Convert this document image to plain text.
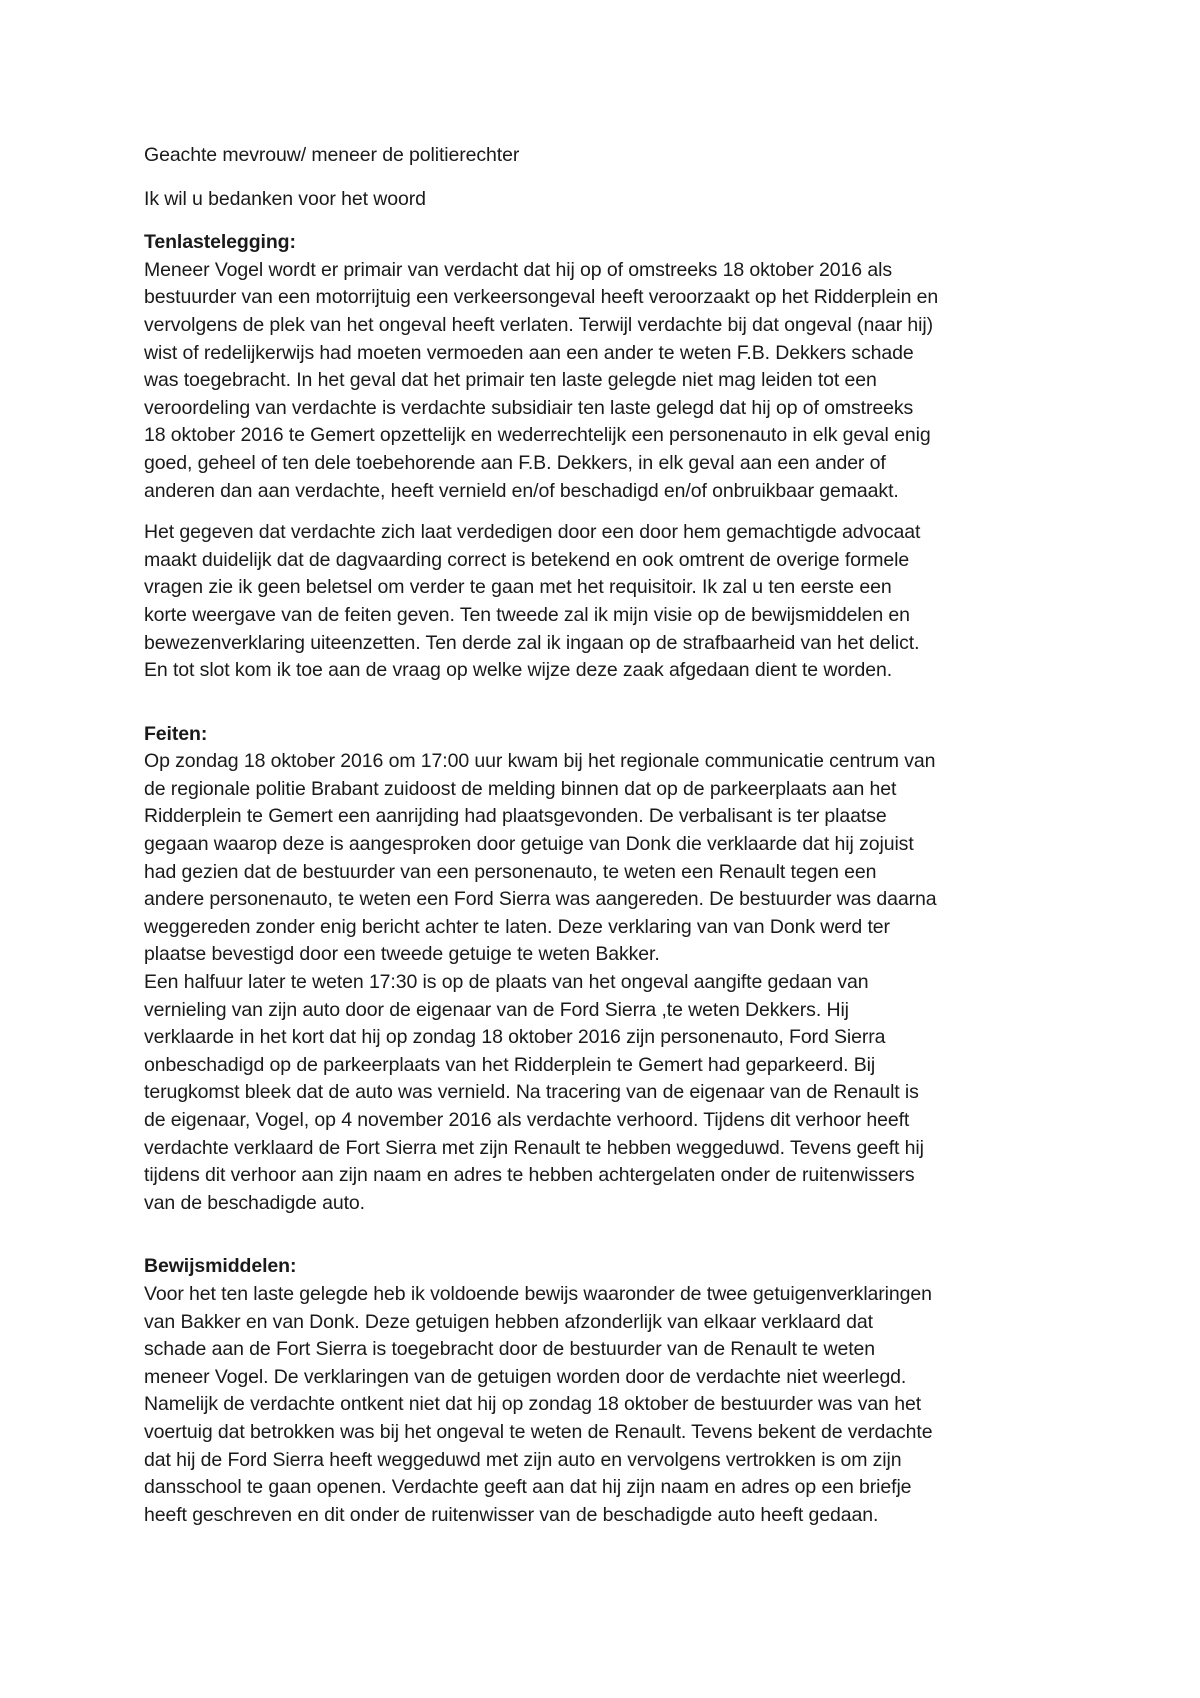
Geachte mevrouw/ meneer de politierechter

Ik wil u bedanken voor het woord

Tenlastelegging:
Meneer Vogel wordt er primair van verdacht dat hij op of omstreeks 18 oktober 2016 als
bestuurder van een motorrijtuig een verkeersongeval heeft veroorzaakt op het Ridderplein en
vervolgens de plek van het ongeval heeft verlaten. Terwijl verdachte bij dat ongeval (naar hij)
wist of redelijkerwijs had moeten vermoeden aan een ander te weten F.B. Dekkers schade
was toegebracht. In het geval dat het primair ten laste gelegde niet mag leiden tot een
veroordeling van verdachte is verdachte subsidiair ten laste gelegd dat hij op of omstreeks
18 oktober 2016 te Gemert opzettelijk en wederrechtelijk een personenauto in elk geval enig
goed, geheel of ten dele toebehorende aan F.B. Dekkers, in elk geval aan een ander of
anderen dan aan verdachte, heeft vernield en/of beschadigd en/of onbruikbaar gemaakt.
Het gegeven dat verdachte zich laat verdedigen door een door hem gemachtigde advocaat
maakt duidelijk dat de dagvaarding correct is betekend en ook omtrent de overige formele
vragen zie ik geen beletsel om verder te gaan met het requisitoir. Ik zal u ten eerste een
korte weergave van de feiten geven. Ten tweede zal ik mijn visie op de bewijsmiddelen en
bewezenverklaring uiteenzetten. Ten derde zal ik ingaan op de strafbaarheid van het delict.
En tot slot kom ik toe aan de vraag op welke wijze deze zaak afgedaan dient te worden.
Feiten:
Op zondag 18 oktober 2016 om 17:00 uur kwam bij het regionale communicatie centrum van
de regionale politie Brabant zuidoost de melding binnen dat op de parkeerplaats aan het
Ridderplein te Gemert een aanrijding had plaatsgevonden. De verbalisant is ter plaatse
gegaan waarop deze is aangesproken door getuige van Donk die verklaarde dat hij zojuist
had gezien dat de bestuurder van een personenauto, te weten een Renault tegen een
andere personenauto, te weten een Ford Sierra was aangereden. De bestuurder was daarna
weggereden zonder enig bericht achter te laten. Deze verklaring van van Donk werd ter
plaatse bevestigd door een tweede getuige te weten Bakker.
Een halfuur later te weten 17:30 is op de plaats van het ongeval aangifte gedaan van
vernieling van zijn auto door de eigenaar van de Ford Sierra ,te weten Dekkers. Hij
verklaarde in het kort dat hij op zondag 18 oktober 2016 zijn personenauto, Ford Sierra
onbeschadigd op de parkeerplaats van het Ridderplein te Gemert had geparkeerd. Bij
terugkomst bleek dat de auto was vernield. Na tracering van de eigenaar van de Renault is
de eigenaar, Vogel, op 4 november 2016 als verdachte verhoord. Tijdens dit verhoor heeft
verdachte verklaard de Fort Sierra met zijn Renault te hebben weggeduwd. Tevens geeft hij
tijdens dit verhoor aan zijn naam en adres te hebben achtergelaten onder de ruitenwissers
van de beschadigde auto.
Bewijsmiddelen:
Voor het ten laste gelegde heb ik voldoende bewijs waaronder de twee getuigenverklaringen
van Bakker en van Donk. Deze getuigen hebben afzonderlijk van elkaar verklaard dat
schade aan de Fort Sierra is toegebracht door de bestuurder van de Renault te weten
meneer Vogel. De verklaringen van de getuigen worden door de verdachte niet weerlegd.
Namelijk de verdachte ontkent niet dat hij op zondag 18 oktober de bestuurder was van het
voertuig dat betrokken was bij het ongeval te weten de Renault. Tevens bekent de verdachte
dat hij de Ford Sierra heeft weggeduwd met zijn auto en vervolgens vertrokken is om zijn
dansschool te gaan openen. Verdachte geeft aan dat hij zijn naam en adres op een briefje
heeft geschreven en dit onder de ruitenwisser van de beschadigde auto heeft gedaan.
